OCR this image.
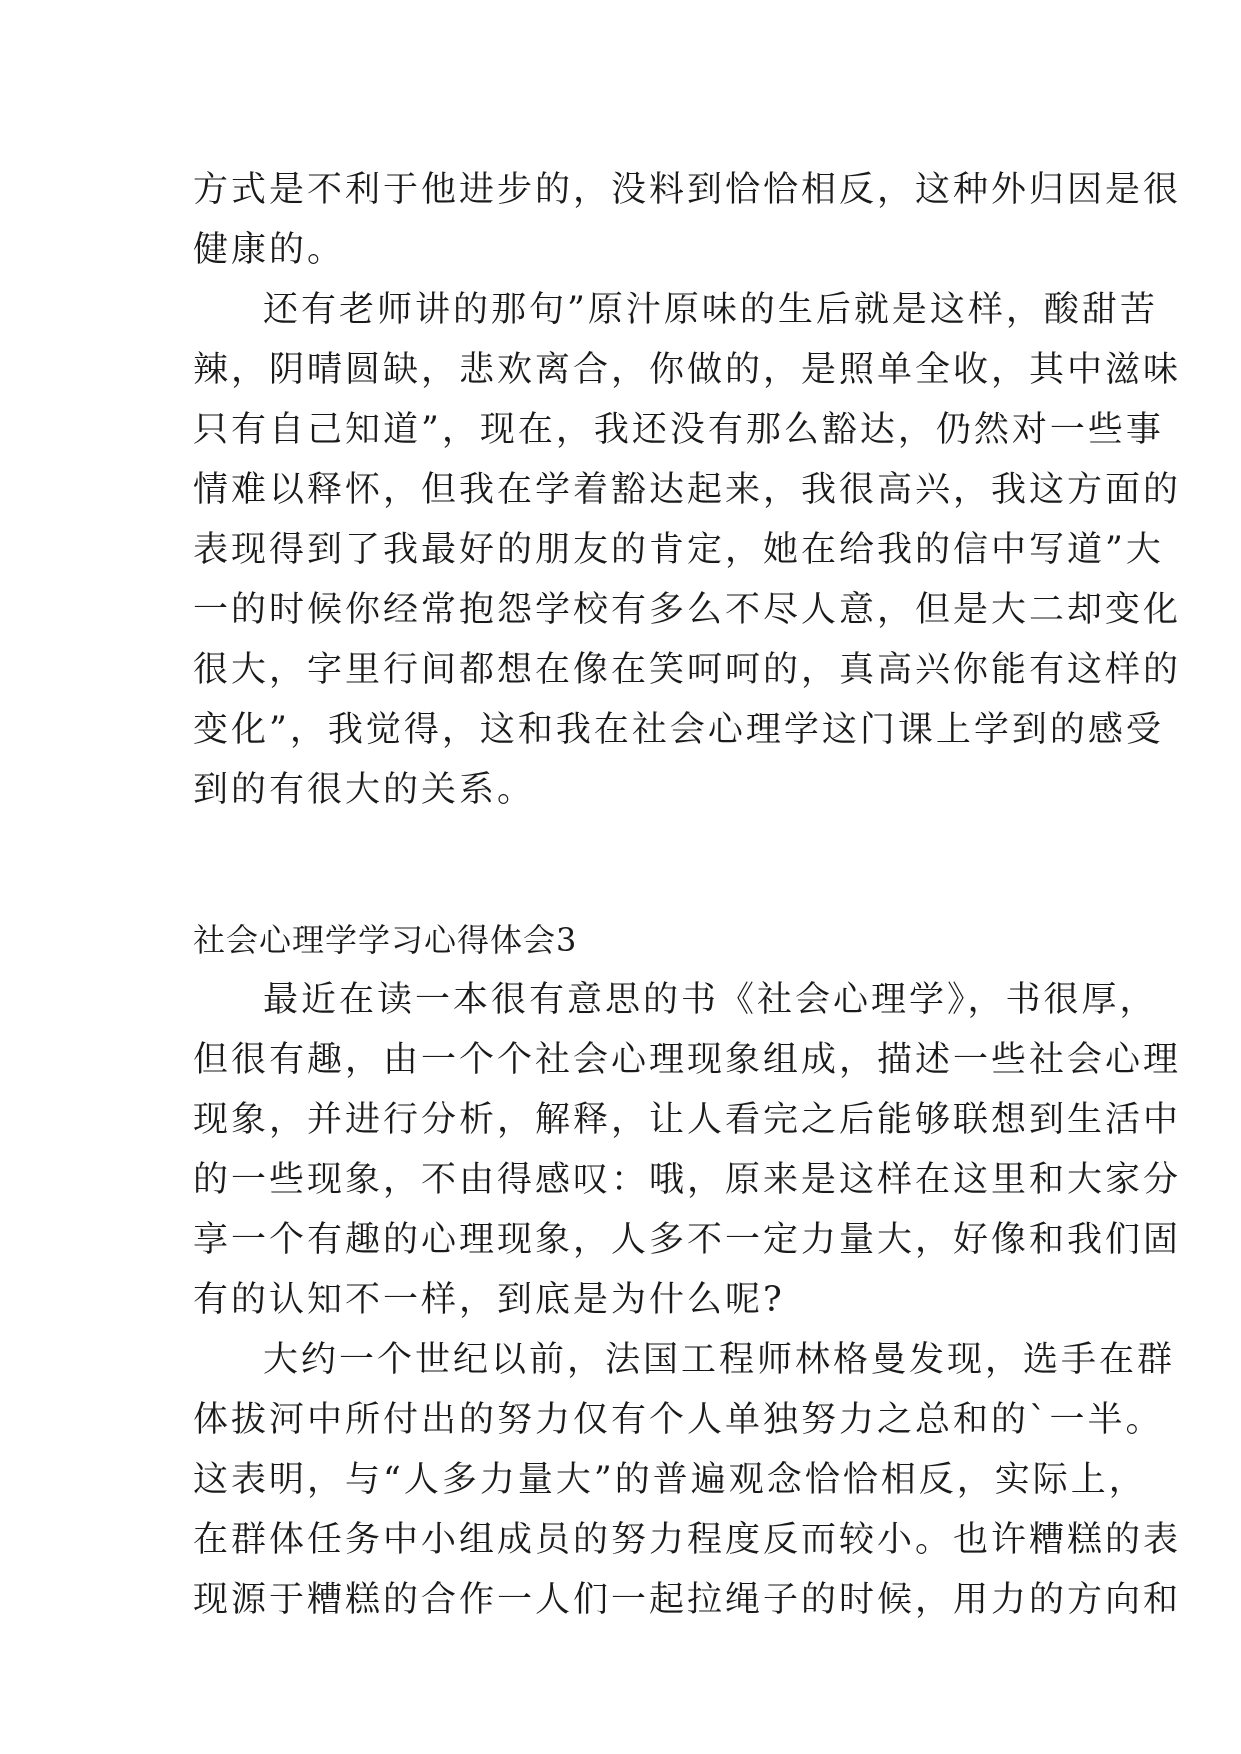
方式是不利于他进步的，没料到恰恰相反，这种外归因是很
健康的。
还有老师讲的那句”原汁原味的生后就是这样，酸甜苦
辣，阴晴圆缺，悲欢离合，你做的，是照单全收，其中滋味
只有自己知道”，现在，我还没有那么豁达，仍然对一些事
情难以释怀，但我在学着豁达起来，我很高兴，我这方面的
表现得到了我最好的朋友的肯定，她在给我的信中写道”大
一的时候你经常抱怨学校有多么不尽人意，但是大二却变化
很大，字里行间都想在像在笑呵呵的，真高兴你能有这样的
变化”，我觉得，这和我在社会心理学这门课上学到的感受
到的有很大的关系。
社会心理学学习心得体会3
最近在读一本很有意思的书《社会心理学》，书很厚，
但很有趣，由一个个社会心理现象组成，描述一些社会心理
现象，并进行分析，解释，让人看完之后能够联想到生活中
的一些现象，不由得感叹：哦，原来是这样在这里和大家分
享一个有趣的心理现象，人多不一定力量大，好像和我们固
有的认知不一样，到底是为什么呢?
大约一个世纪以前，法国工程师林格曼发现，选手在群
体拔河中所付出的努力仅有个人单独努力之总和的`一半。
这表明，与“人多力量大”的普遍观念恰恰相反，实际上，
在群体任务中小组成员的努力程度反而较小。也许糟糕的表
现源于糟糕的合作一人们一起拉绳子的时候，用力的方向和
